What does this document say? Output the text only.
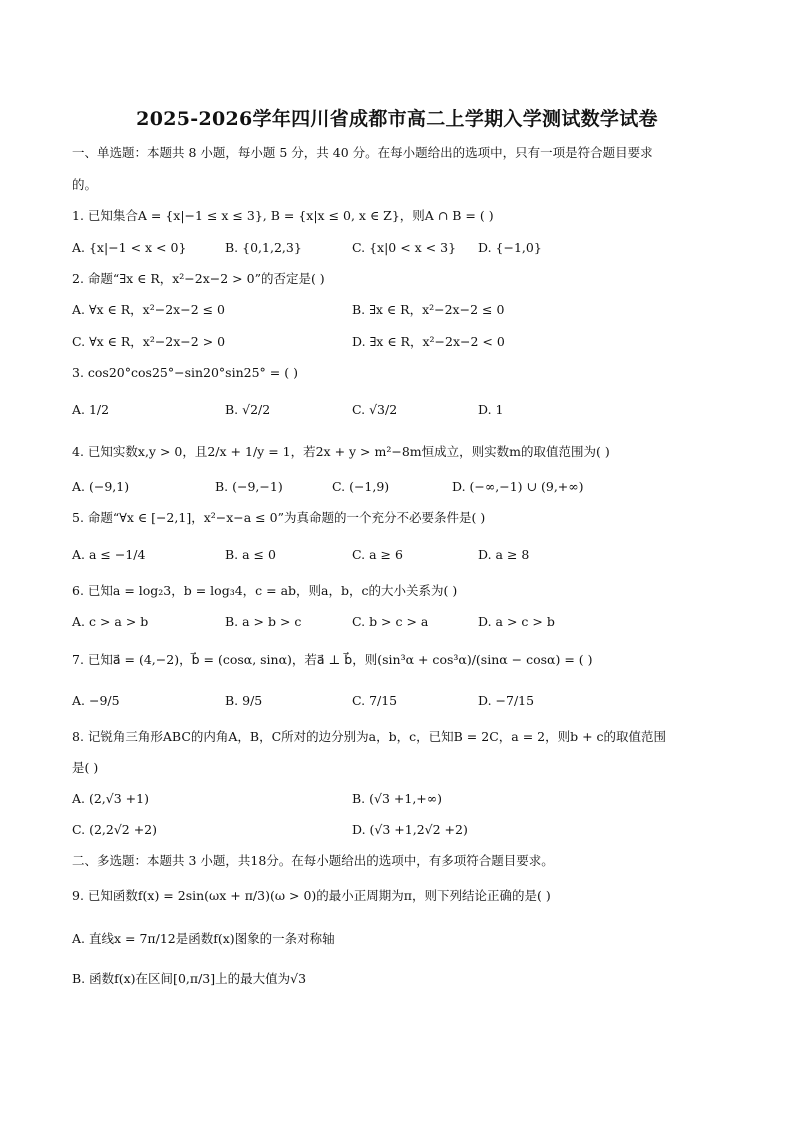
2025-2026学年四川省成都市高二上学期入学测试数学试卷
一、单选题：本题共 8 小题，每小题 5 分，共 40 分。在每小题给出的选项中，只有一项是符合题目要求
的。
1. 已知集合A = {x|−1 ≤ x ≤ 3}, B = {x|x ≤ 0, x ∈ Z}，则A ∩ B = ( )
A. {x|−1 < x < 0}	B. {0,1,2,3}	C. {x|0 < x < 3} D. {−1,0}
2. 命题“∃x ∈ R，x²−2x−2 > 0”的否定是( )
A. ∀x ∈ R，x²−2x−2 ≤ 0	B. ∃x ∈ R，x²−2x−2 ≤ 0
C. ∀x ∈ R，x²−2x−2 > 0	D. ∃x ∈ R，x²−2x−2 < 0
3. cos20°cos25°−sin20°sin25° = ( )
A. 1/2	B. √2/2	C. √3/2	D. 1
4. 已知实数x,y > 0，且2/x + 1/y = 1，若2x + y > m²−8m恒成立，则实数m的取值范围为( )
A. (−9,1)	B. (−9,−1)	C. (−1,9)	D. (−∞,−1) ∪ (9,+∞)
5. 命题“∀x ∈ [−2,1]，x²−x−a ≤ 0”为真命题的一个充分不必要条件是( )
A. a ≤ −1/4	B. a ≤ 0	C. a ≥ 6	D. a ≥ 8
6. 已知a = log₂3，b = log₃4，c = ab，则a，b，c的大小关系为( )
A. c > a > b	B. a > b > c	C. b > c > a	D. a > c > b
7. 已知a⃗ = (4,−2)，b⃗ = (cosα, sinα)，若a⃗ ⊥ b⃗，则(sin³α + cos³α)/(sinα − cosα) = ( )
A. −9/5	B. 9/5	C. 7/15	D. −7/15
8. 记锐角三角形ABC的内角A，B，C所对的边分别为a，b，c，已知B = 2C，a = 2，则b + c的取值范围
是( )
A. (2,√3 +1)	B. (√3 +1,+∞)
C. (2,2√2 +2)	D. (√3 +1,2√2 +2)
二、多选题：本题共 3 小题，共18分。在每小题给出的选项中，有多项符合题目要求。
9. 已知函数f(x) = 2sin(ωx + π/3)(ω > 0)的最小正周期为π，则下列结论正确的是( )
A. 直线x = 7π/12是函数f(x)图象的一条对称轴
B. 函数f(x)在区间[0,π/3]上的最大值为√3
